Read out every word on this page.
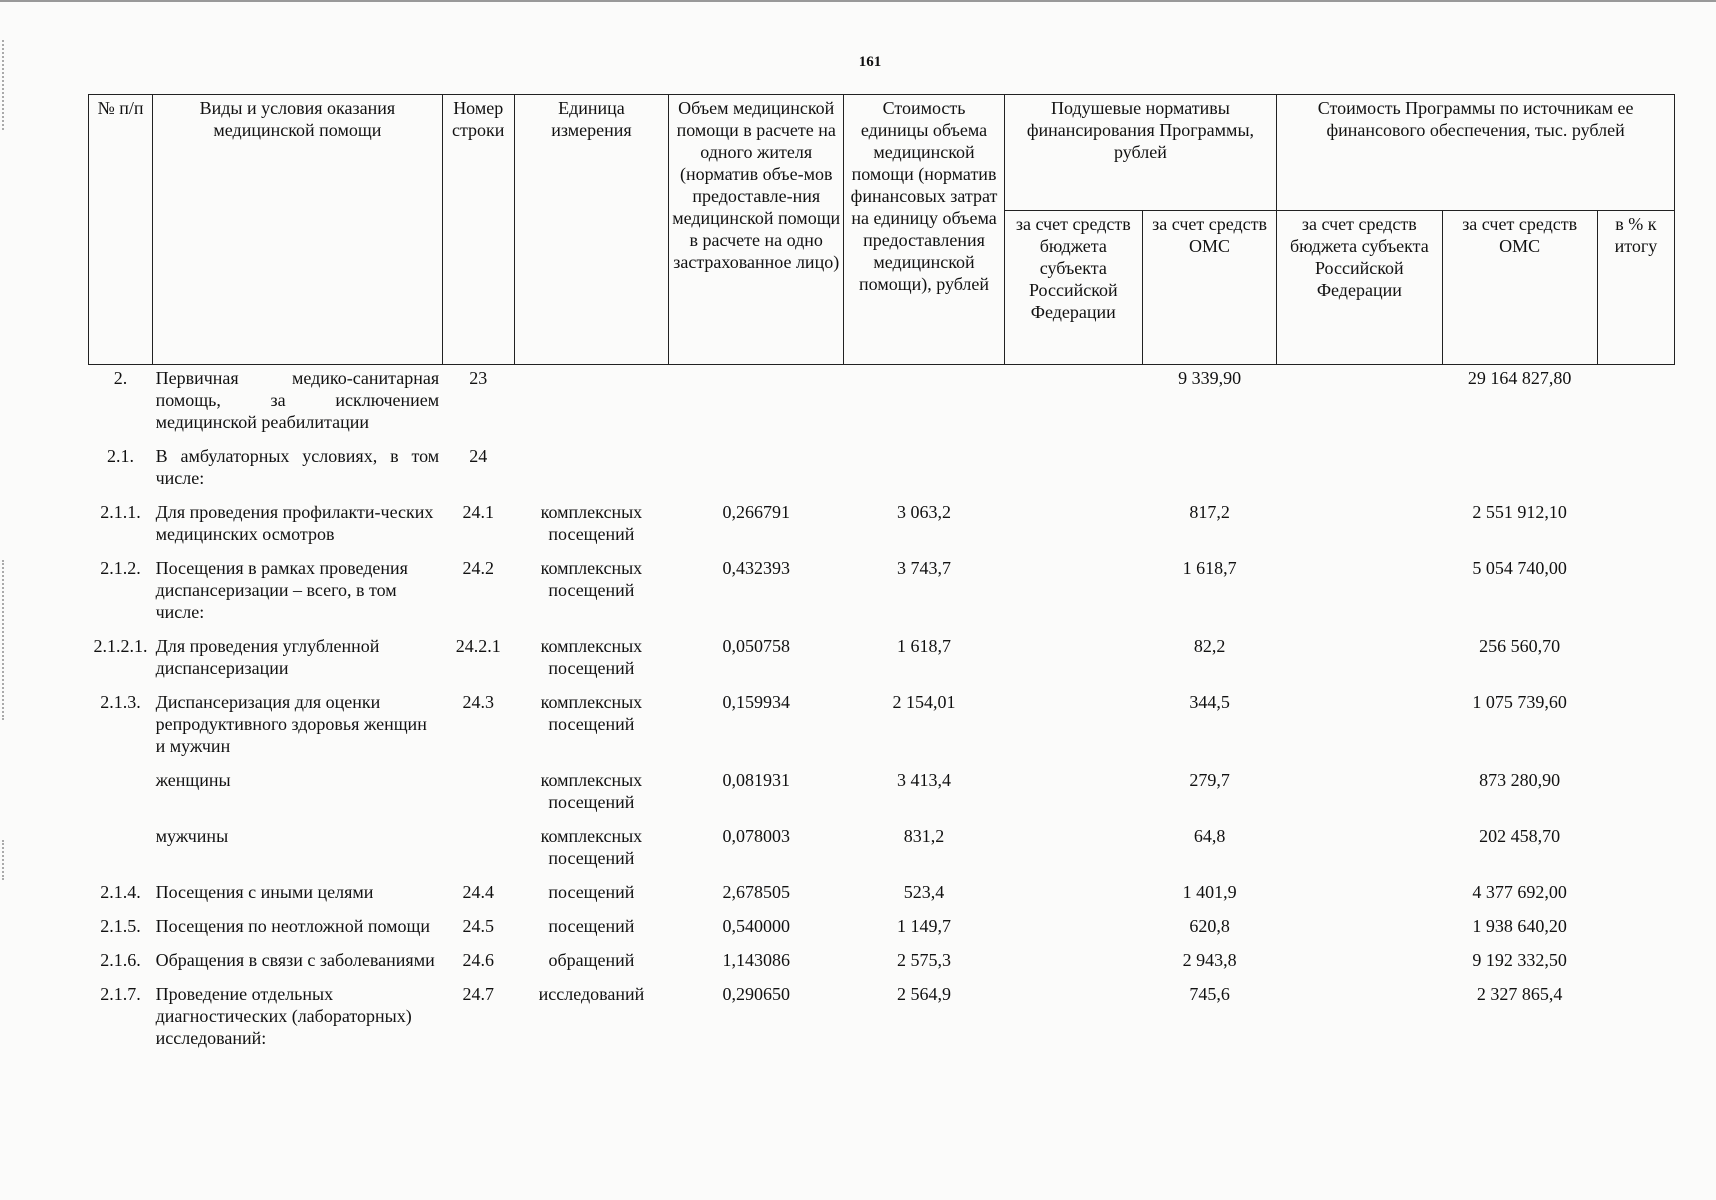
161
№ п/п	Виды и условия оказания медицинской помощи	Номер строки	Единица измерения	Объем медицинской помощи в расчете на одного жителя (норматив объе-мов предоставле-ния медицинской помощи в расчете на одно застрахованное лицо)	Стоимость единицы объема медицинской помощи (норматив финансовых затрат на единицу объема предоставления медицинской помощи), рублей	Подушевые нормативы финансирования Программы, рублей		Стоимость Программы по источникам ее финансового обеспечения, тыс. рублей		
						за счет средств бюджета субъекта Российской Федерации	за счет средств ОМС	за счет средств бюджета субъекта Российской Федерации	за счет средств ОМС	в % к итогу
2.	Первичная медико-санитарная помощь, за исключением медицинской реабилитации	23					9 339,90		29 164 827,80	
2.1.	В амбулаторных условиях, в том числе:	24								
2.1.1.	Для проведения профилакти-ческих медицинских осмотров	24.1	комплексных посещений	0,266791	3 063,2		817,2		2 551 912,10	
2.1.2.	Посещения в рамках проведения диспансеризации – всего, в том числе:	24.2	комплексных посещений	0,432393	3 743,7		1 618,7		5 054 740,00	
2.1.2.1.	Для проведения углубленной диспансеризации	24.2.1	комплексных посещений	0,050758	1 618,7		82,2		256 560,70	
2.1.3.	Диспансеризация для оценки репродуктивного здоровья женщин и мужчин	24.3	комплексных посещений	0,159934	2 154,01		344,5		1 075 739,60	
	женщины		комплексных посещений	0,081931	3 413,4		279,7		873 280,90	
	мужчины		комплексных посещений	0,078003	831,2		64,8		202 458,70	
2.1.4.	Посещения с иными целями	24.4	посещений	2,678505	523,4		1 401,9		4 377 692,00	
2.1.5.	Посещения по неотложной помощи	24.5	посещений	0,540000	1 149,7		620,8		1 938 640,20	
2.1.6.	Обращения в связи с заболеваниями	24.6	обращений	1,143086	2 575,3		2 943,8		9 192 332,50	
2.1.7.	Проведение отдельных диагностических (лабораторных) исследований:	24.7	исследований	0,290650	2 564,9		745,6		2 327 865,4	
